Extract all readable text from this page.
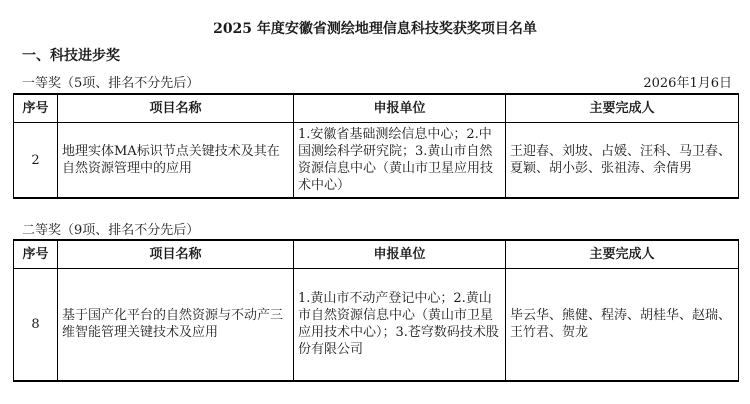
2025 年度安徽省测绘地理信息科技奖获奖项目名单
一、科技进步奖
一等奖（5项、排名不分先后）	2026年1月6日
序号	项目名称	申报单位	主要完成人
2	地理实体MA标识节点关键技术及其在自然资源管理中的应用	1.安徽省基础测绘信息中心；2.中国测绘科学研究院；3.黄山市自然资源信息中心（黄山市卫星应用技术中心）	王迎春、刘坡、占媛、汪科、马卫春、夏颖、胡小彭、张祖涛、余倩男
二等奖（9项、排名不分先后）
序号	项目名称	申报单位	主要完成人
8	基于国产化平台的自然资源与不动产三维智能管理关键技术及应用	1.黄山市不动产登记中心；2.黄山市自然资源信息中心（黄山市卫星应用技术中心）；3.苍穹数码技术股份有限公司	毕云华、熊健、程涛、胡桂华、赵瑞、王竹君、贺龙
